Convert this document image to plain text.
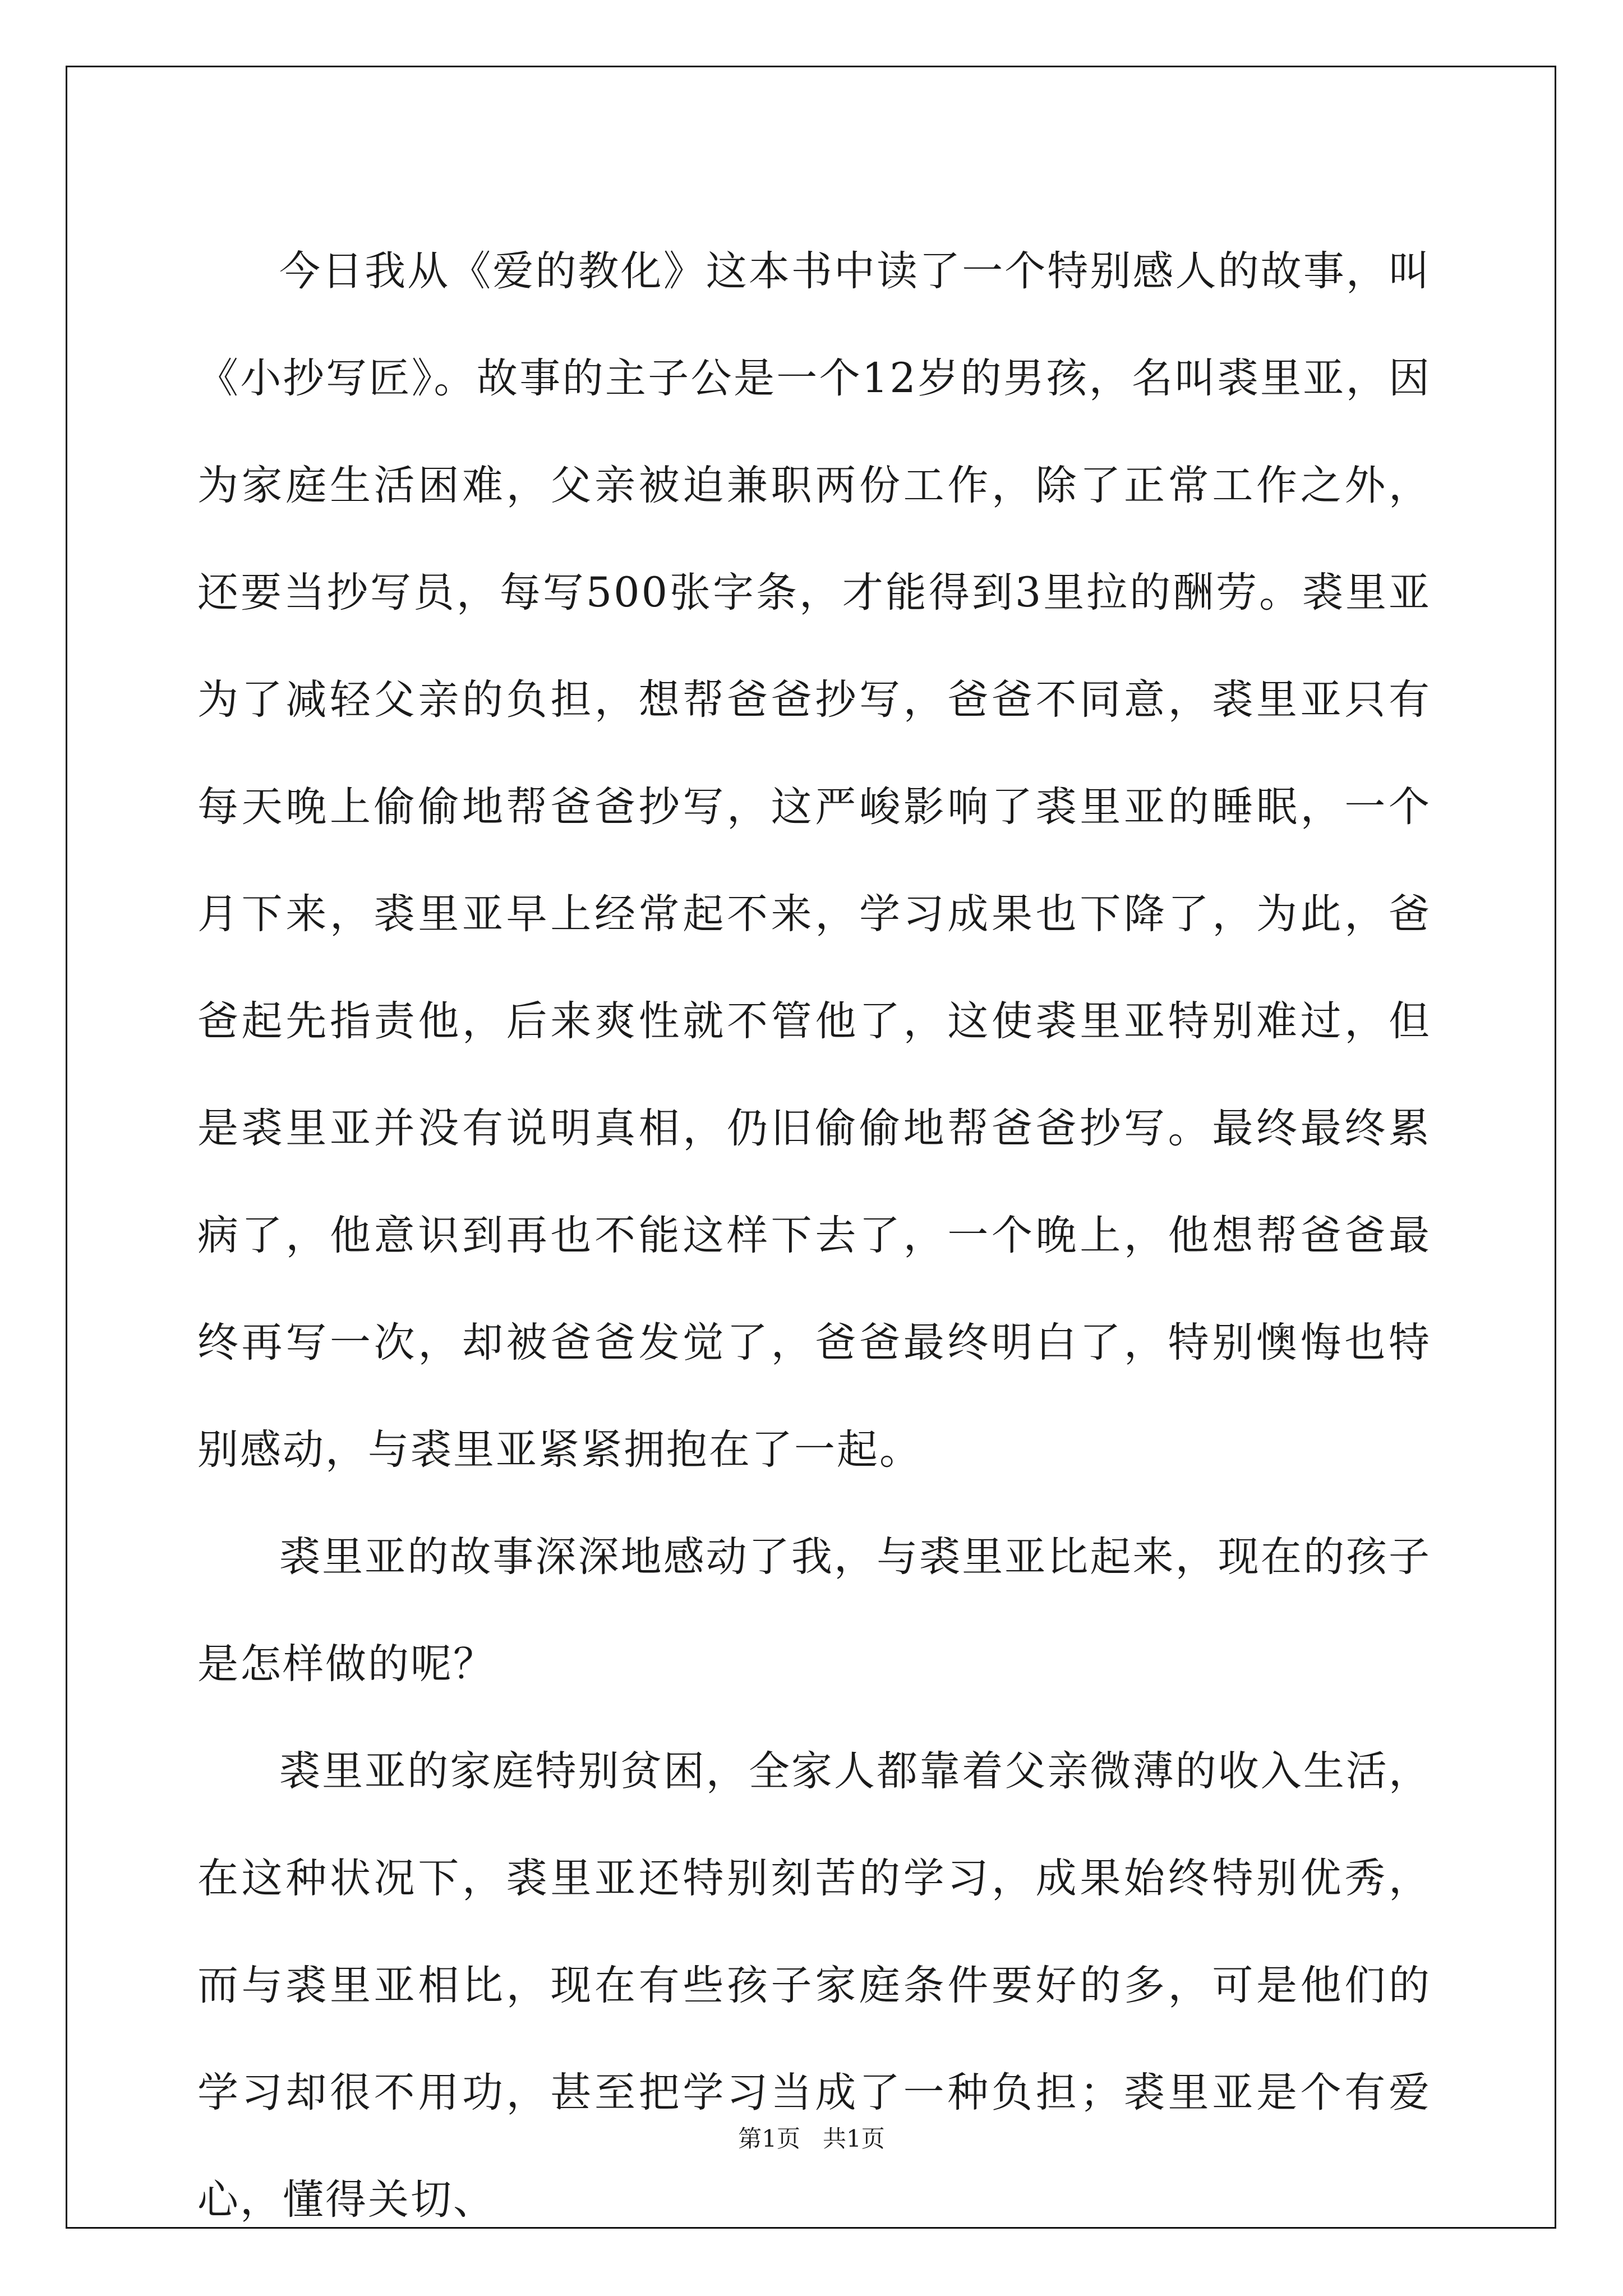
今日我从《爱的教化》这本书中读了一个特别感人的故事，叫《小抄写匠》。故事的主子公是一个12岁的男孩，名叫裘里亚，因为家庭生活困难，父亲被迫兼职两份工作，除了正常工作之外，还要当抄写员，每写500张字条，才能得到3里拉的酬劳。裘里亚为了减轻父亲的负担，想帮爸爸抄写，爸爸不同意，裘里亚只有每天晚上偷偷地帮爸爸抄写，这严峻影响了裘里亚的睡眠，一个月下来，裘里亚早上经常起不来，学习成果也下降了，为此，爸爸起先指责他，后来爽性就不管他了，这使裘里亚特别难过，但是裘里亚并没有说明真相，仍旧偷偷地帮爸爸抄写。最终最终累病了，他意识到再也不能这样下去了，一个晚上，他想帮爸爸最终再写一次，却被爸爸发觉了，爸爸最终明白了，特别懊悔也特别感动，与裘里亚紧紧拥抱在了一起。

裘里亚的故事深深地感动了我，与裘里亚比起来，现在的孩子是怎样做的呢？

裘里亚的家庭特别贫困，全家人都靠着父亲微薄的收入生活，在这种状况下，裘里亚还特别刻苦的学习，成果始终特别优秀，而与裘里亚相比，现在有些孩子家庭条件要好的多，可是他们的学习却很不用功，甚至把学习当成了一种负担；裘里亚是个有爱心，懂得关切、

第1页 共1页
